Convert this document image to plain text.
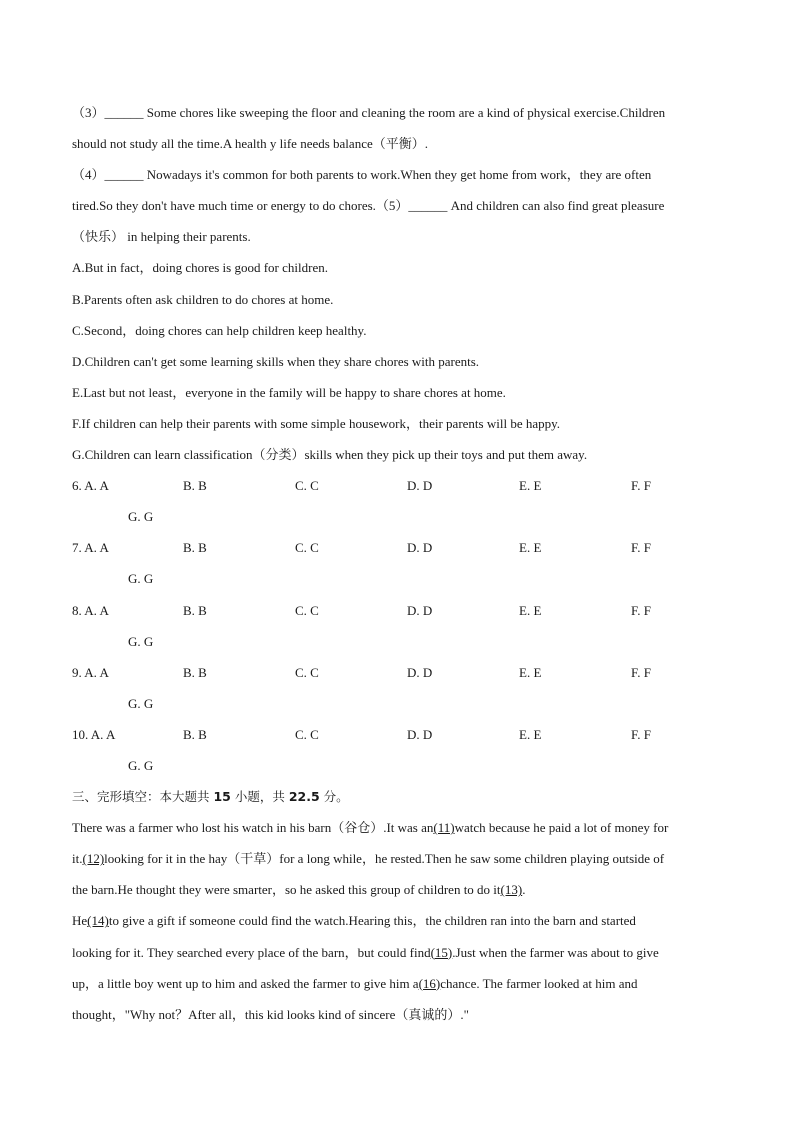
（3）______ Some chores like sweeping the floor and cleaning the room are a kind of physical exercise.Children
should not study all the time.A health y life needs balance（平衡）.
（4）______ Nowadays it's common for both parents to work.When they get home from work，they are often
tired.So they don't have much time or energy to do chores.（5）______ And children can also find great pleasure
（快乐） in helping their parents.
A.But in fact，doing chores is good for children.
B.Parents often ask children to do chores at home.
C.Second，doing chores can help children keep healthy.
D.Children can't get some learning skills when they share chores with parents.
E.Last but not least，everyone in the family will be happy to share chores at home.
F.If children can help their parents with some simple housework，their parents will be happy.
G.Children can learn classification（分类）skills when they pick up their toys and put them away.
6. A. A	B. B	C. C	D. D	E. E	F. F
G. G
7. A. A	B. B	C. C	D. D	E. E	F. F
G. G
8. A. A	B. B	C. C	D. D	E. E	F. F
G. G
9. A. A	B. B	C. C	D. D	E. E	F. F
G. G
10. A. A	B. B	C. C	D. D	E. E	F. F
G. G
三、完形填空：本大题共 15 小题，共 22.5 分。
There was a farmer who lost his watch in his barn（谷仓）.It was an(11)watch because he paid a lot of money for
it.(12)looking for it in the hay（干草）for a long while，he rested.Then he saw some children playing outside of
the barn.He thought they were smarter，so he asked this group of children to do it(13).
He(14)to give a gift if someone could find the watch.Hearing this，the children ran into the barn and started
looking for it. They searched every place of the barn，but could find(15).Just when the farmer was about to give
up，a little boy went up to him and asked the farmer to give him a(16)chance. The farmer looked at him and
thought，"Why not？After all，this kid looks kind of sincere（真诚的）."
